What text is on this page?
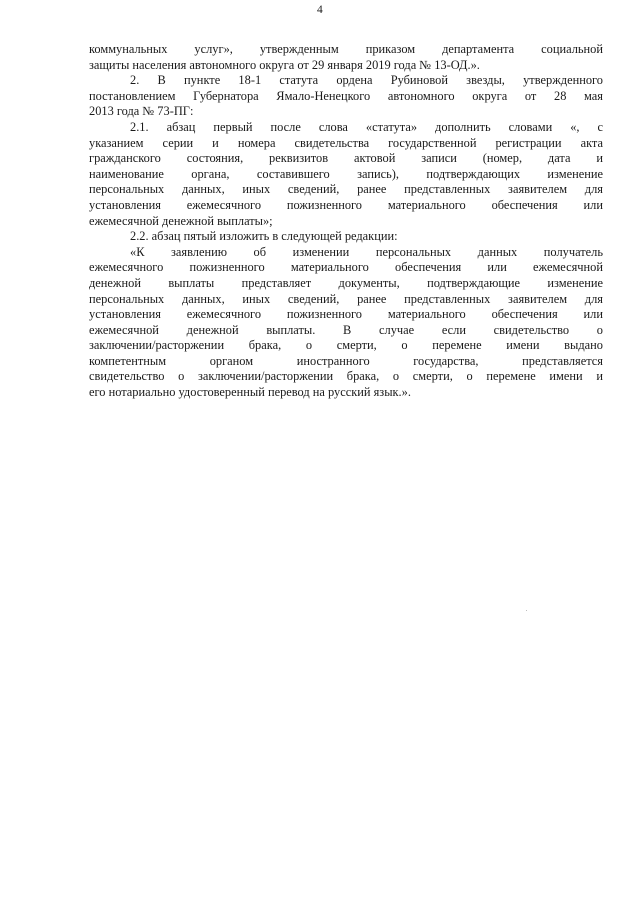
4
коммунальных услуг», утвержденным приказом департамента социальной
защиты населения автономного округа от 29 января 2019 года № 13-ОД.».
2. В пункте 18-1 статута ордена Рубиновой звезды, утвержденного
постановлением Губернатора Ямало-Ненецкого автономного округа от 28 мая
2013 года № 73-ПГ:
2.1. абзац первый после слова «статута» дополнить словами «, с
указанием серии и номера свидетельства государственной регистрации акта
гражданского состояния, реквизитов актовой записи (номер, дата и
наименование органа, составившего запись), подтверждающих изменение
персональных данных, иных сведений, ранее представленных заявителем для
установления ежемесячного пожизненного материального обеспечения или
ежемесячной денежной выплаты»;
2.2. абзац пятый изложить в следующей редакции:
«К заявлению об изменении персональных данных получатель
ежемесячного пожизненного материального обеспечения или ежемесячной
денежной выплаты представляет документы, подтверждающие изменение
персональных данных, иных сведений, ранее представленных заявителем для
установления ежемесячного пожизненного материального обеспечения или
ежемесячной денежной выплаты. В случае если свидетельство о
заключении/расторжении брака, о смерти, о перемене имени выдано
компетентным органом иностранного государства, представляется
свидетельство о заключении/расторжении брака, о смерти, о перемене имени и
его нотариально удостоверенный перевод на русский язык.».
